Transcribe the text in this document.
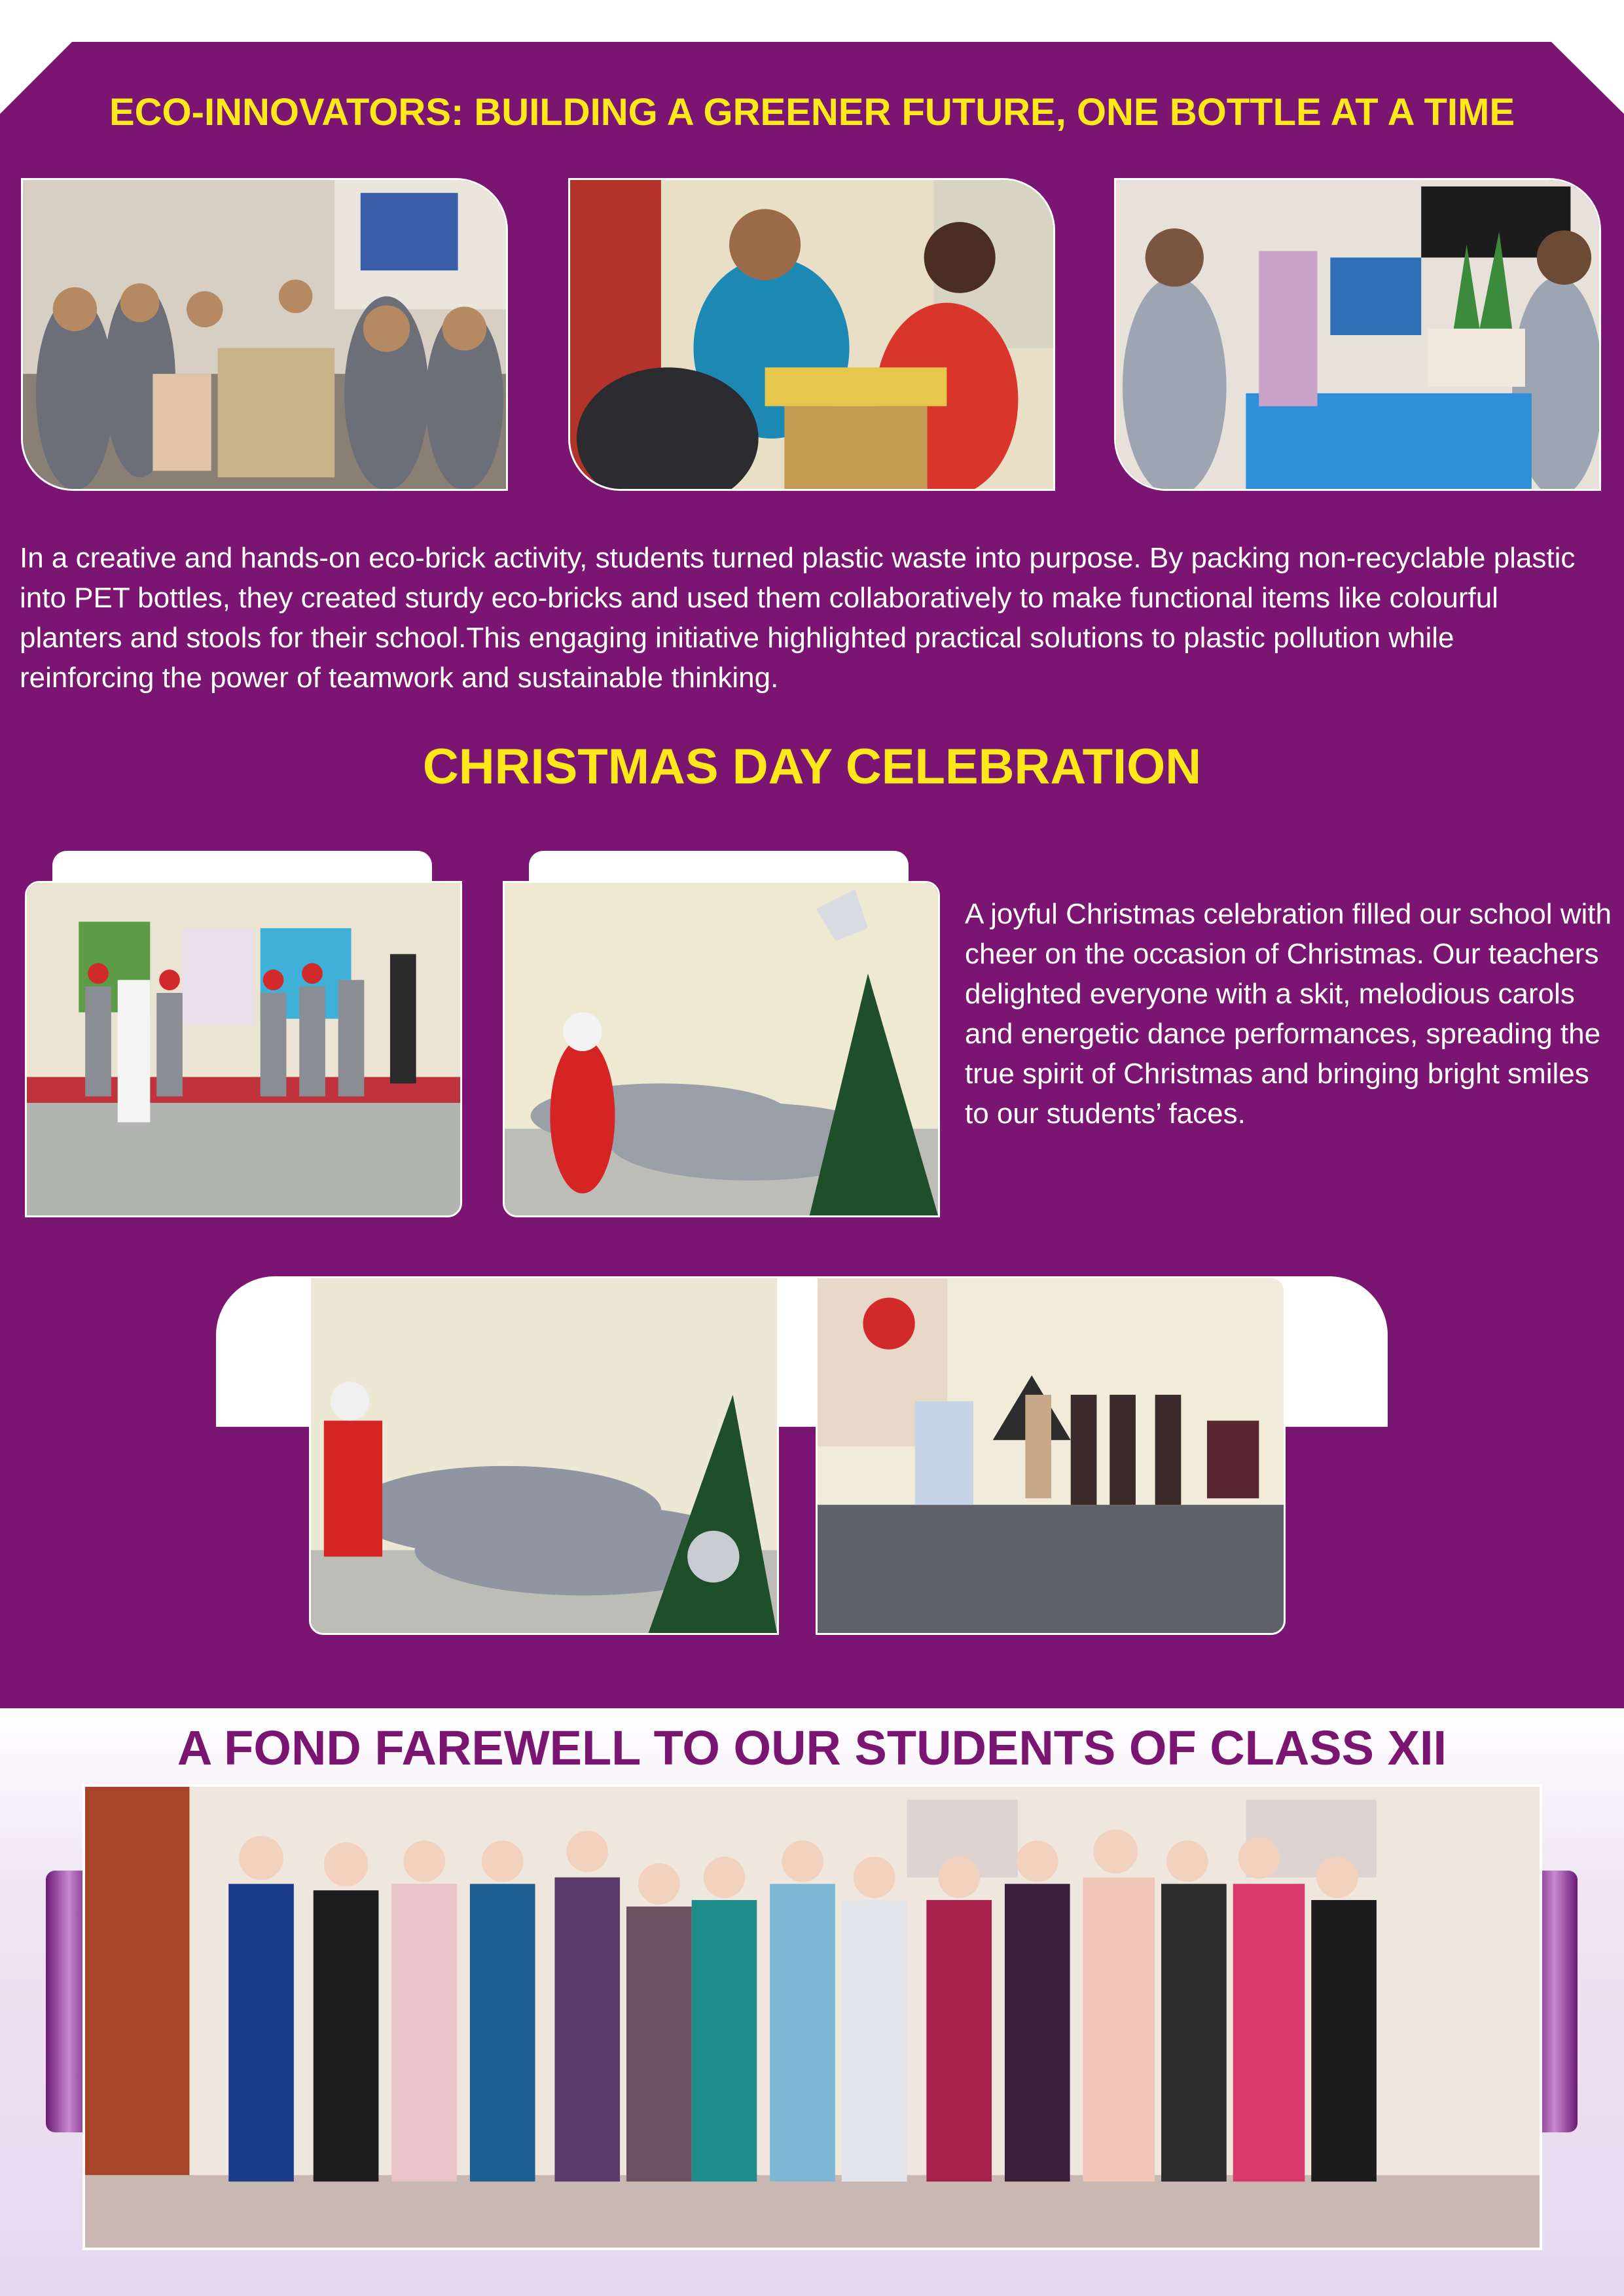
ECO-INNOVATORS: BUILDING A GREENER FUTURE, ONE BOTTLE AT A TIME

In a creative and hands-on eco-brick activity, students turned plastic waste into purpose. By packing non-recyclable plastic into PET bottles, they created sturdy eco-bricks and used them collaboratively to make functional items like colourful planters and stools for their school.This engaging initiative highlighted practical solutions to plastic pollution while reinforcing the power of teamwork and sustainable thinking.

CHRISTMAS DAY CELEBRATION

A joyful Christmas celebration filled our school with cheer on the occasion of Christmas. Our teachers delighted everyone with a skit, melodious carols and energetic dance performances, spreading the true spirit of Christmas and bringing bright smiles to our students’ faces.

A FOND FAREWELL TO OUR STUDENTS OF CLASS XII
